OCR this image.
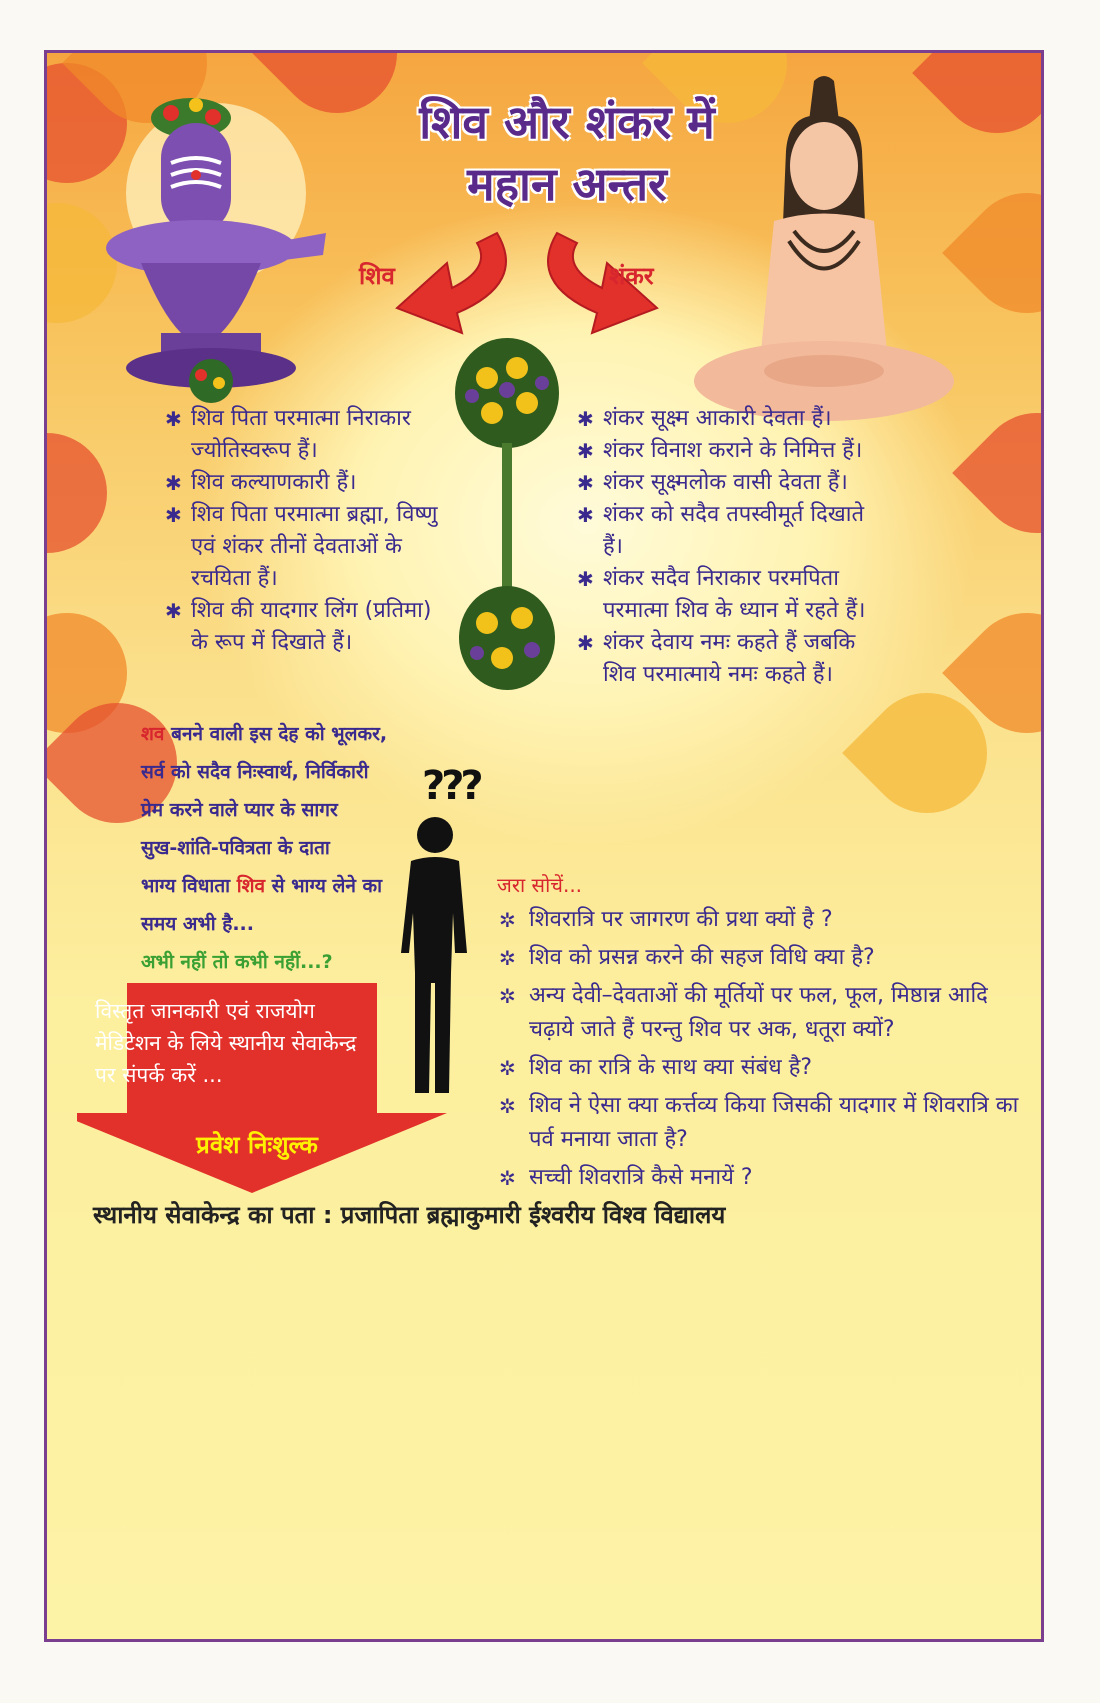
शिव और शंकर में
महान अन्तर
शिव	शंकर
✱ शिव पिता परमात्मा निराकार ज्योतिस्वरूप हैं।
✱ शिव कल्याणकारी हैं।
✱ शिव पिता परमात्मा ब्रह्मा, विष्णु एवं शंकर तीनों देवताओं के रचयिता हैं।
✱ शिव की यादगार लिंग (प्रतिमा) के रूप में दिखाते हैं।
✱ शंकर सूक्ष्म आकारी देवता हैं।
✱ शंकर विनाश कराने के निमित्त हैं।
✱ शंकर सूक्ष्मलोक वासी देवता हैं।
✱ शंकर को सदैव तपस्वीमूर्त दिखाते हैं।
✱ शंकर सदैव निराकार परमपिता परमात्मा शिव के ध्यान में रहते हैं।
✱ शंकर देवाय नमः कहते हैं जबकि शिव परमात्माये नमः कहते हैं।
शव बनने वाली इस देह को भूलकर,
सर्व को सदैव निःस्वार्थ, निर्विकारी
प्रेम करने वाले प्यार के सागर
सुख-शांति-पवित्रता के दाता
भाग्य विधाता शिव से भाग्य लेने का
समय अभी है...
अभी नहीं तो कभी नहीं...?
???
जरा सोचें...
✲ शिवरात्रि पर जागरण की प्रथा क्यों है ?
✲ शिव को प्रसन्न करने की सहज विधि क्या है?
✲ अन्य देवी–देवताओं की मूर्तियों पर फल, फूल, मिष्ठान्न आदि चढ़ाये जाते हैं परन्तु शिव पर अक, धतूरा क्यों?
✲ शिव का रात्रि के साथ क्या संबंध है?
✲ शिव ने ऐसा क्या कर्त्तव्य किया जिसकी यादगार में शिवरात्रि का पर्व मनाया जाता है?
✲ सच्ची शिवरात्रि कैसे मनायें ?
विस्तृत जानकारी एवं राजयोग मेडिटेशन के लिये स्थानीय सेवाकेन्द्र पर संपर्क करें ...
प्रवेश निःशुल्क
स्थानीय सेवाकेन्द्र का पता : प्रजापिता ब्रह्माकुमारी ईश्वरीय विश्व विद्यालय
